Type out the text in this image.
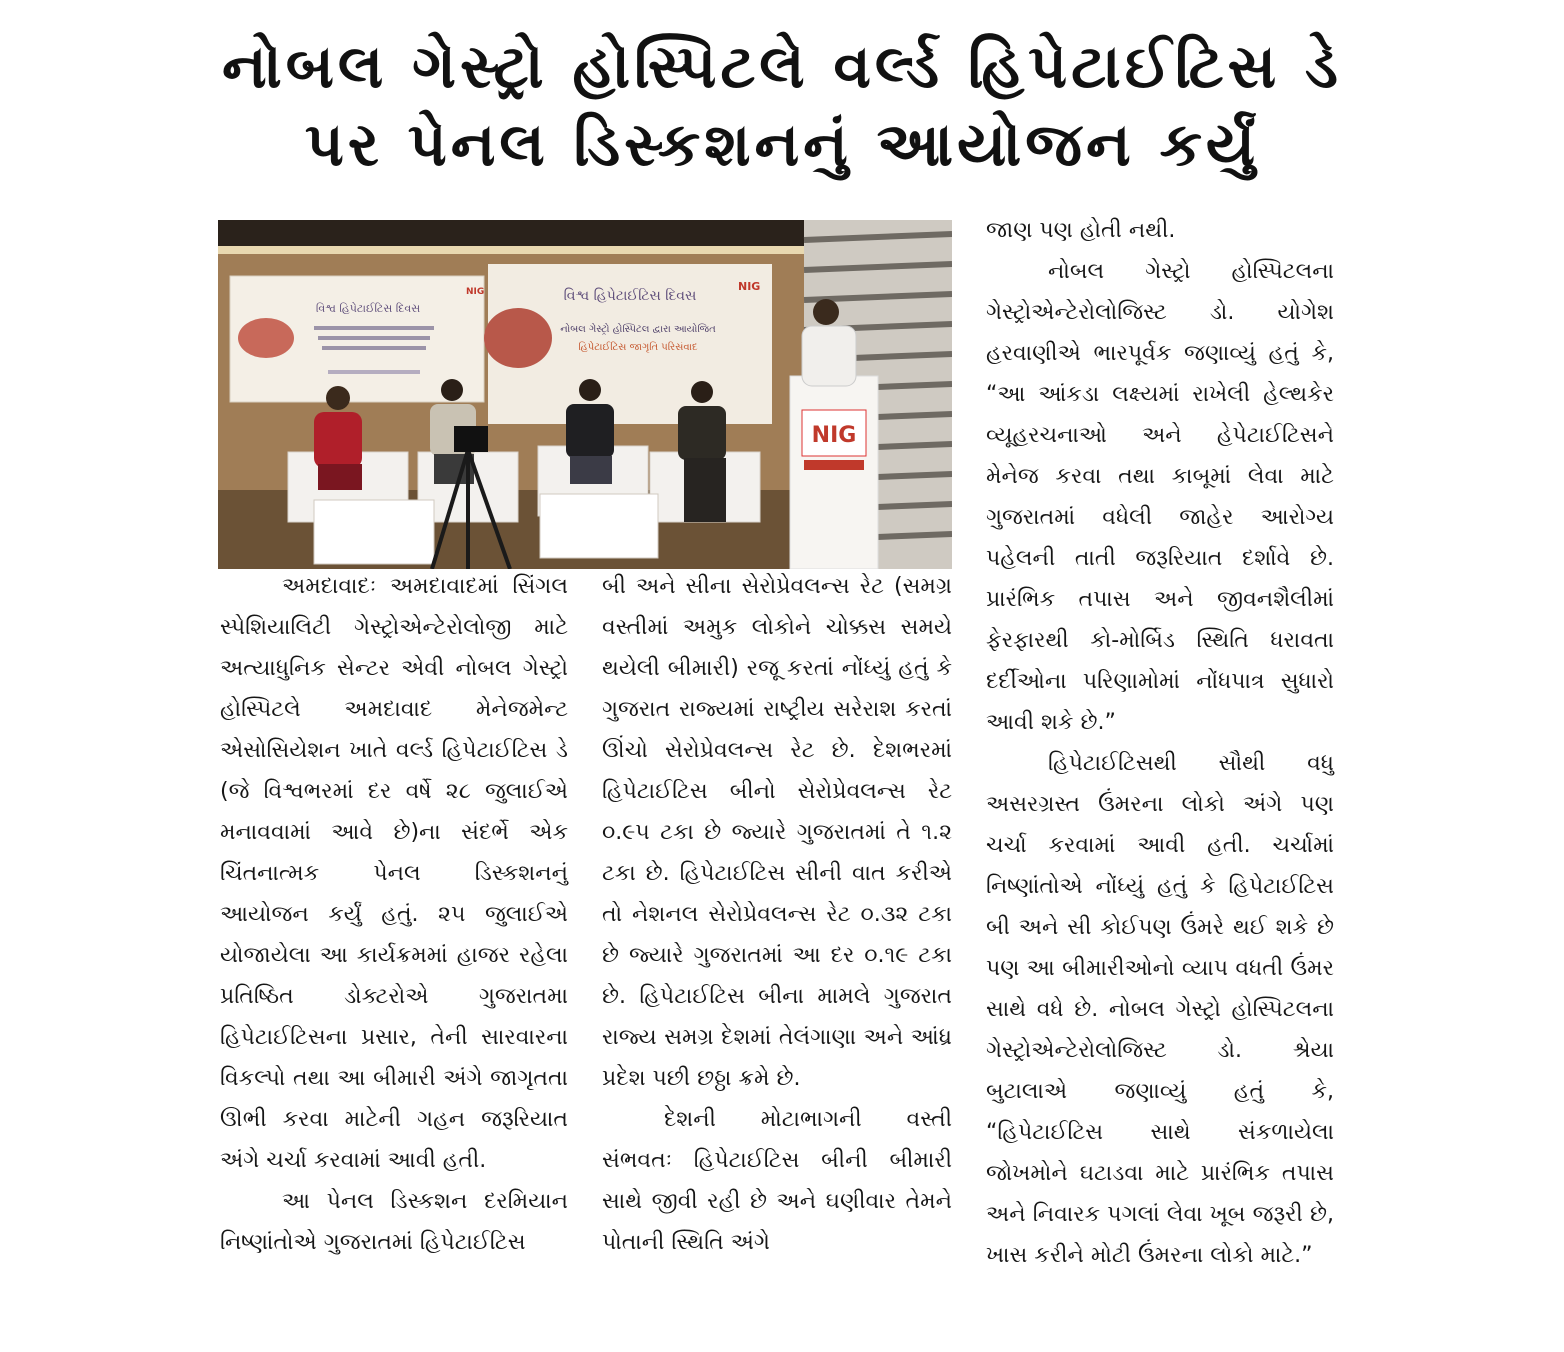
નોબલ ગેસ્ટ્રો હોસ્પિટલે વર્લ્ડ હિપેટાઈટિસ ડે
પર પેનલ ડિસ્કશનનું આયોજન કર્યું
વિશ્વ હિપેટાઈટિસ દિવસ
NIG	વિશ્વ હિપેટાઈટિસ દિવસ
નોબલ ગેસ્ટ્રો હોસ્પિટલ દ્વારા આયોજિત
હિપેટાઈટિસ જાગૃતિ પરિસંવાદ
NIG
NIG

અમદાવાદઃ અમદાવાદમાં સિંગલ સ્પેશિયાલિટી ગેસ્ટ્રોએન્ટેરોલોજી માટે અત્યાધુનિક સેન્ટર એવી નોબલ ગેસ્ટ્રો હોસ્પિટલે અમદાવાદ મેનેજમેન્ટ એસોસિયેશન ખાતે વર્લ્ડ હિપેટાઈટિસ ડે (જે વિશ્વભરમાં દર વર્ષે ૨૮ જુલાઈએ મનાવવામાં આવે છે)ના સંદર્ભે એક ચિંતનાત્મક પેનલ ડિસ્કશનનું આયોજન કર્યું હતું. ૨૫ જુલાઈએ યોજાયેલા આ કાર્યક્રમમાં હાજર રહેલા પ્રતિષ્ઠિત ડોક્ટરોએ ગુજરાતમા હિપેટાઈટિસના પ્રસાર, તેની સારવારના વિકલ્પો તથા આ બીમારી અંગે જાગૃતતા ઊભી કરવા માટેની ગહન જરૂરિયાત અંગે ચર્ચા કરવામાં આવી હતી.

આ પેનલ ડિસ્કશન દરમિયાન નિષ્ણાંતોએ ગુજરાતમાં હિપેટાઈટિસ

બી અને સીના સેરોપ્રેવલન્સ રેટ (સમગ્ર વસ્તીમાં અમુક લોકોને ચોક્કસ સમયે થયેલી બીમારી) રજૂ કરતાં નોંધ્યું હતું કે ગુજરાત રાજ્યમાં રાષ્ટ્રીય સરેરાશ કરતાં ઊંચો સેરોપ્રેવલન્સ રેટ છે. દેશભરમાં હિપેટાઈટિસ બીનો સેરોપ્રેવલન્સ રેટ ૦.૯૫ ટકા છે જ્યારે ગુજરાતમાં તે ૧.૨ ટકા છે. હિપેટાઈટિસ સીની વાત કરીએ તો નેશનલ સેરોપ્રેવલન્સ રેટ ૦.૩૨ ટકા છે જ્યારે ગુજરાતમાં આ દર ૦.૧૯ ટકા છે. હિપેટાઈટિસ બીના મામલે ગુજરાત રાજ્ય સમગ્ર દેશમાં તેલંગાણા અને આંધ્ર પ્રદેશ પછી છઠ્ઠા ક્રમે છે.

દેશની મોટાભાગની વસ્તી સંભવતઃ હિપેટાઈટિસ બીની બીમારી સાથે જીવી રહી છે અને ઘણીવાર તેમને પોતાની સ્થિતિ અંગે

જાણ પણ હોતી નથી.

નોબલ ગેસ્ટ્રો હોસ્પિટલના ગેસ્ટ્રોએન્ટેરોલોજિસ્ટ ડો. યોગેશ હરવાણીએ ભારપૂર્વક જણાવ્યું હતું કે, “આ આંકડા લક્ષ્યમાં રાખેલી હેલ્થકેર વ્યૂહરચનાઓ અને હેપેટાઈટિસને મેનેજ કરવા તથા કાબૂમાં લેવા માટે ગુજરાતમાં વધેલી જાહેર આરોગ્ય પહેલની તાતી જરૂરિયાત દર્શાવે છે. પ્રારંભિક તપાસ અને જીવનશૈલીમાં ફેરફારથી કો-મોર્બિડ સ્થિતિ ધરાવતા દર્દીઓના પરિણામોમાં નોંધપાત્ર સુધારો આવી શકે છે.”

હિપેટાઈટિસથી સૌથી વધુ અસરગ્રસ્ત ઉંમરના લોકો અંગે પણ ચર્ચા કરવામાં આવી હતી. ચર્ચામાં નિષ્ણાંતોએ નોંધ્યું હતું કે હિપેટાઈટિસ બી અને સી કોઈપણ ઉંમરે થઈ શકે છે પણ આ બીમારીઓનો વ્યાપ વધતી ઉંમર સાથે વધે છે. નોબલ ગેસ્ટ્રો હોસ્પિટલના ગેસ્ટ્રોએન્ટેરોલોજિસ્ટ ડો. શ્રેયા બુટાલાએ જણાવ્યું હતું કે, “હિપેટાઈટિસ સાથે સંકળાયેલા જોખમોને ઘટાડવા માટે પ્રારંભિક તપાસ અને નિવારક પગલાં લેવા ખૂબ જરૂરી છે, ખાસ કરીને મોટી ઉંમરના લોકો માટે.”
